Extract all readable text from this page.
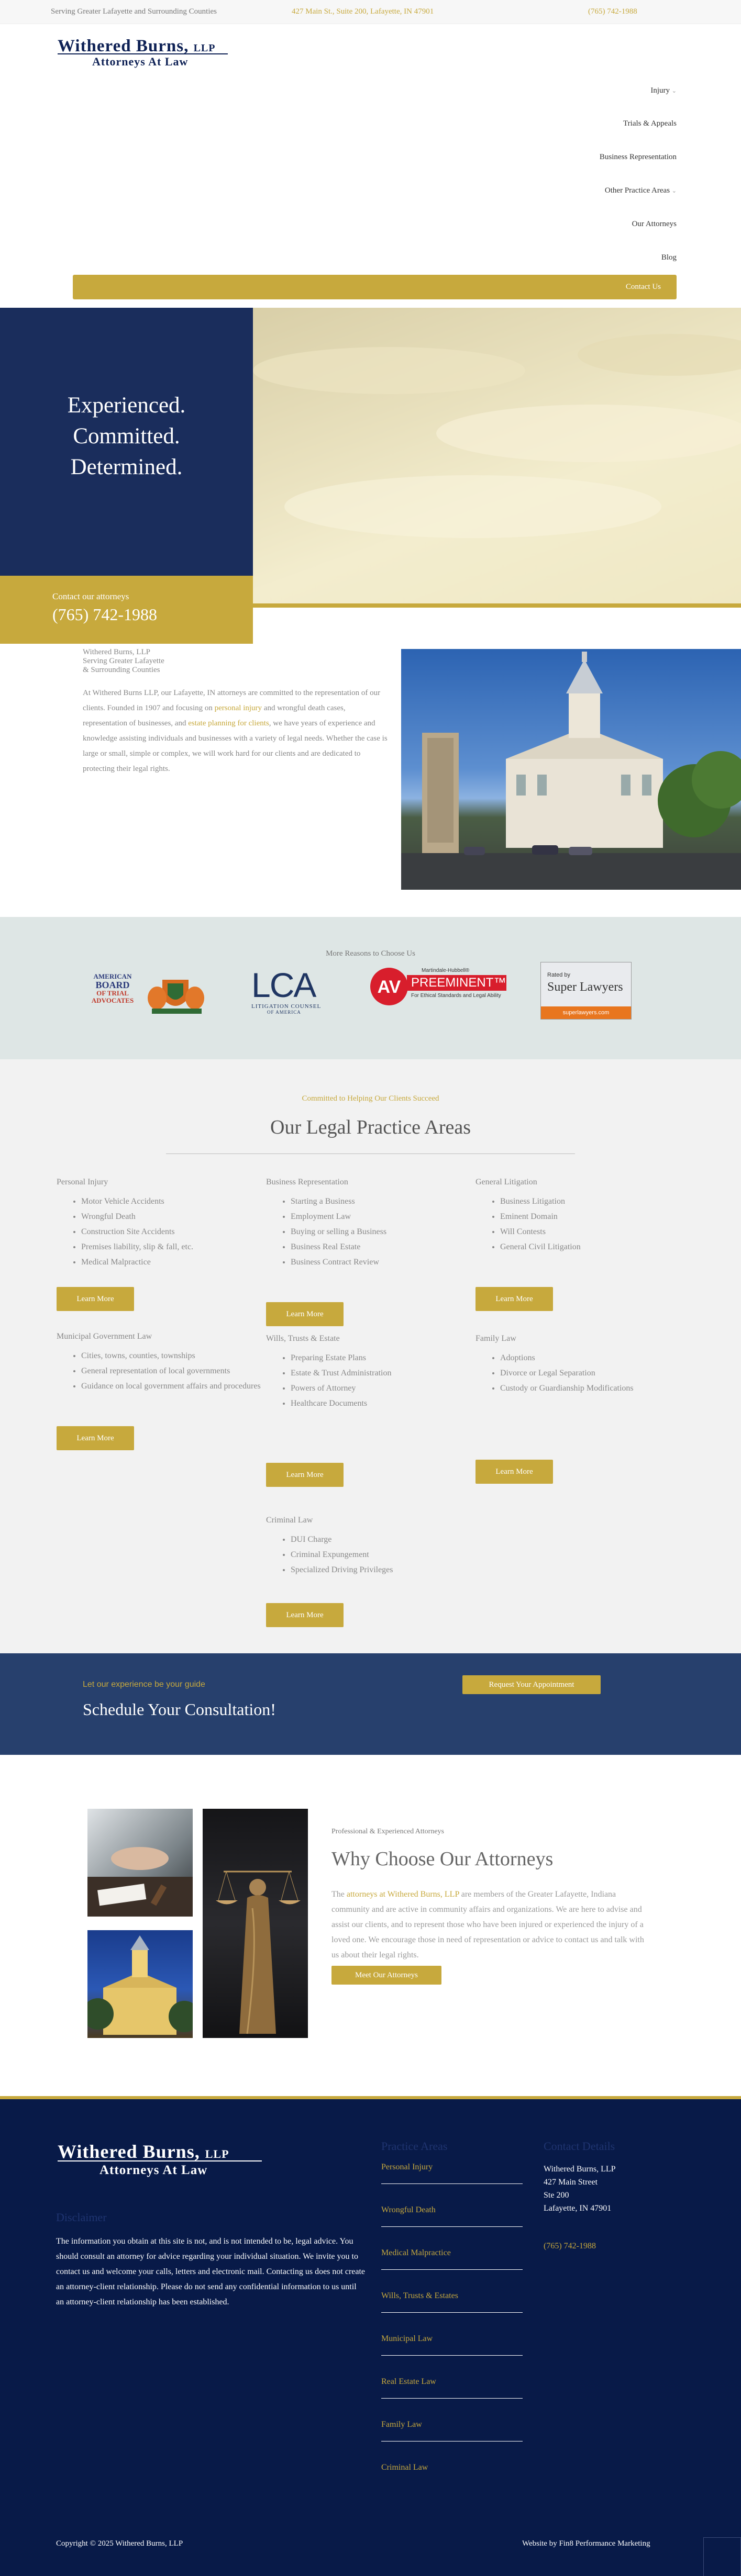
Serving Greater Lafayette and Surrounding Counties	427 Main St., Suite 200, Lafayette, IN 47901	(765) 742-1988
Withered Burns, LLP
Attorneys At Law
Injury ⌄
Trials & Appeals
Business Representation
Other Practice Areas ⌄
Our Attorneys
Blog
Contact Us
Experienced.
Committed.
Determined.
Contact our attorneys
(765) 742-1988
Withered Burns, LLP
Serving Greater Lafayette
& Surrounding Counties

At Withered Burns LLP, our Lafayette, IN attorneys are committed to the representation of our clients. Founded in 1907 and focusing on personal injury and wrongful death cases, representation of businesses, and estate planning for clients, we have years of experience and knowledge assisting individuals and businesses with a variety of legal needs. Whether the case is large or small, simple or complex, we will work hard for our clients and are dedicated to protecting their legal rights.

More Reasons to Choose Us
AMERICAN
BOARD
OF TRIAL
ADVOCATES	LCA
LITIGATION COUNSEL
OF AMERICA
AV
Martindale-Hubbell®
PREEMINENT™
For Ethical Standards and Legal Ability
Rated by
Super Lawyers
superlawyers.com
Committed to Helping Our Clients Succeed
Our Legal Practice Areas
Personal Injury
• Motor Vehicle Accidents
• Wrongful Death
• Construction Site Accidents
• Premises liability, slip & fall, etc.
• Medical Malpractice
Learn More
Municipal Government Law
• Cities, towns, counties, townships
• General representation of local governments
• Guidance on local government affairs and procedures
Learn More
Business Representation
• Starting a Business
• Employment Law
• Buying or selling a Business
• Business Real Estate
• Business Contract Review
Learn More
Wills, Trusts & Estate
• Preparing Estate Plans
• Estate & Trust Administration
• Powers of Attorney
• Healthcare Documents
Learn More
Criminal Law
• DUI Charge
• Criminal Expungement
• Specialized Driving Privileges
Learn More
General Litigation
• Business Litigation
• Eminent Domain
• Will Contests
• General Civil Litigation
Learn More
Family Law
• Adoptions
• Divorce or Legal Separation
• Custody or Guardianship Modifications
Learn More
Let our experience be your guide
Schedule Your Consultation!
Request Your Appointment
Professional & Experienced Attorneys
Why Choose Our Attorneys

The attorneys at Withered Burns, LLP are members of the Greater Lafayette, Indiana community and are active in community affairs and organizations. We are here to advise and assist our clients, and to represent those who have been injured or experienced the injury of a loved one. We encourage those in need of representation or advice to contact us and talk with us about their legal rights.

Meet Our Attorneys
Withered Burns, LLP
Attorneys At Law
Disclaimer

The information you obtain at this site is not, and is not intended to be, legal advice. You should consult an attorney for advice regarding your individual situation. We invite you to contact us and welcome your calls, letters and electronic mail. Contacting us does not create an attorney-client relationship. Please do not send any confidential information to us until an attorney-client relationship has been established.

Practice Areas
Personal Injury
Wrongful Death
Medical Malpractice
Wills, Trusts & Estates
Municipal Law
Real Estate Law
Family Law
Criminal Law
Contact Details
Withered Burns, LLP
427 Main Street
Ste 200
Lafayette, IN 47901
(765) 742-1988
Copyright © 2025 Withered Burns, LLP	Website by Fin8 Performance Marketing
